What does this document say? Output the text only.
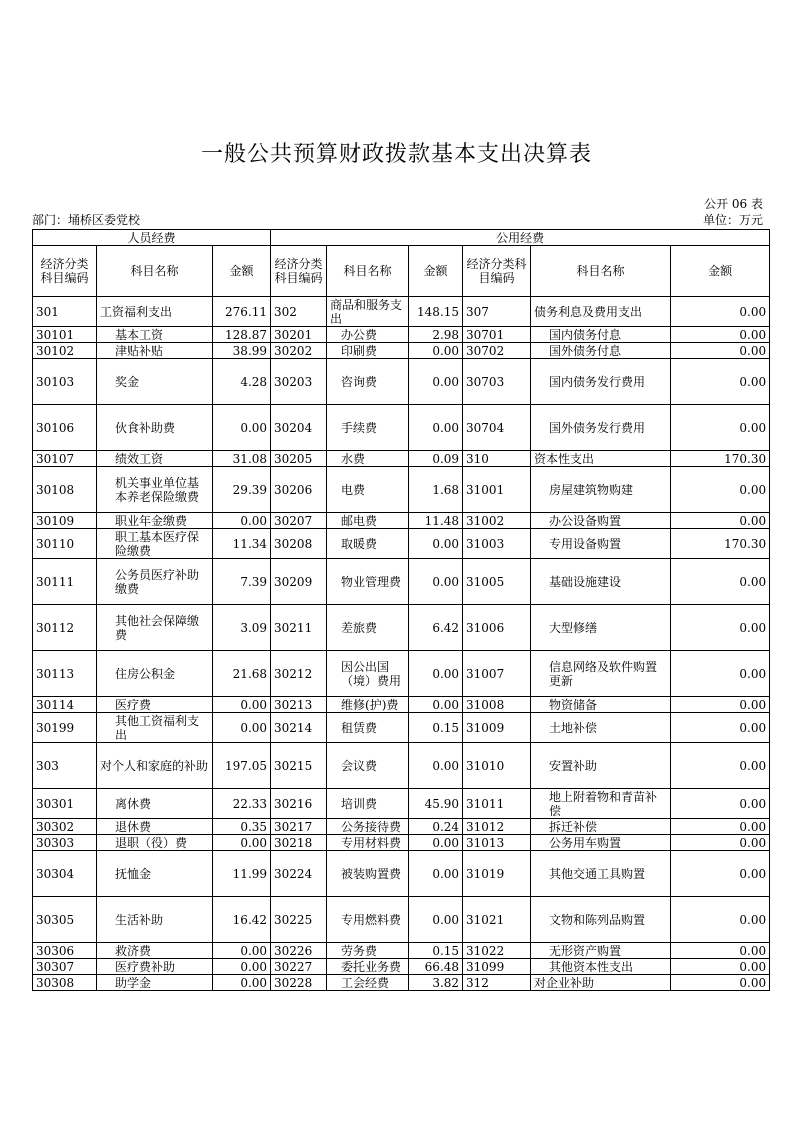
一般公共预算财政拨款基本支出决算表
公开 06 表
部门：埇桥区委党校	单位：万元
人员经费			公用经费					
经济分类科目编码	科目名称	金额	经济分类科目编码	科目名称	金额	经济分类科目编码	科目名称	金额
301	工资福利支出	276.11	302	商品和服务支出	148.15	307	债务利息及费用支出	0.00
30101	基本工资	128.87	30201	办公费	2.98	30701	国内债务付息	0.00
30102	津贴补贴	38.99	30202	印刷费	0.00	30702	国外债务付息	0.00
30103	奖金	4.28	30203	咨询费	0.00	30703	国内债务发行费用	0.00
30106	伙食补助费	0.00	30204	手续费	0.00	30704	国外债务发行费用	0.00
30107	绩效工资	31.08	30205	水费	0.09	310	资本性支出	170.30
30108	机关事业单位基本养老保险缴费	29.39	30206	电费	1.68	31001	房屋建筑物购建	0.00
30109	职业年金缴费	0.00	30207	邮电费	11.48	31002	办公设备购置	0.00
30110	职工基本医疗保险缴费	11.34	30208	取暖费	0.00	31003	专用设备购置	170.30
30111	公务员医疗补助缴费	7.39	30209	物业管理费	0.00	31005	基础设施建设	0.00
30112	其他社会保障缴费	3.09	30211	差旅费	6.42	31006	大型修缮	0.00
30113	住房公积金	21.68	30212	因公出国（境）费用	0.00	31007	信息网络及软件购置更新	0.00
30114	医疗费	0.00	30213	维修(护)费	0.00	31008	物资储备	0.00
30199	其他工资福利支出	0.00	30214	租赁费	0.15	31009	土地补偿	0.00
303	对个人和家庭的补助	197.05	30215	会议费	0.00	31010	安置补助	0.00
30301	离休费	22.33	30216	培训费	45.90	31011	地上附着物和青苗补偿	0.00
30302	退休费	0.35	30217	公务接待费	0.24	31012	拆迁补偿	0.00
30303	退职（役）费	0.00	30218	专用材料费	0.00	31013	公务用车购置	0.00
30304	抚恤金	11.99	30224	被装购置费	0.00	31019	其他交通工具购置	0.00
30305	生活补助	16.42	30225	专用燃料费	0.00	31021	文物和陈列品购置	0.00
30306	救济费	0.00	30226	劳务费	0.15	31022	无形资产购置	0.00
30307	医疗费补助	0.00	30227	委托业务费	66.48	31099	其他资本性支出	0.00
30308	助学金	0.00	30228	工会经费	3.82	312	对企业补助	0.00
